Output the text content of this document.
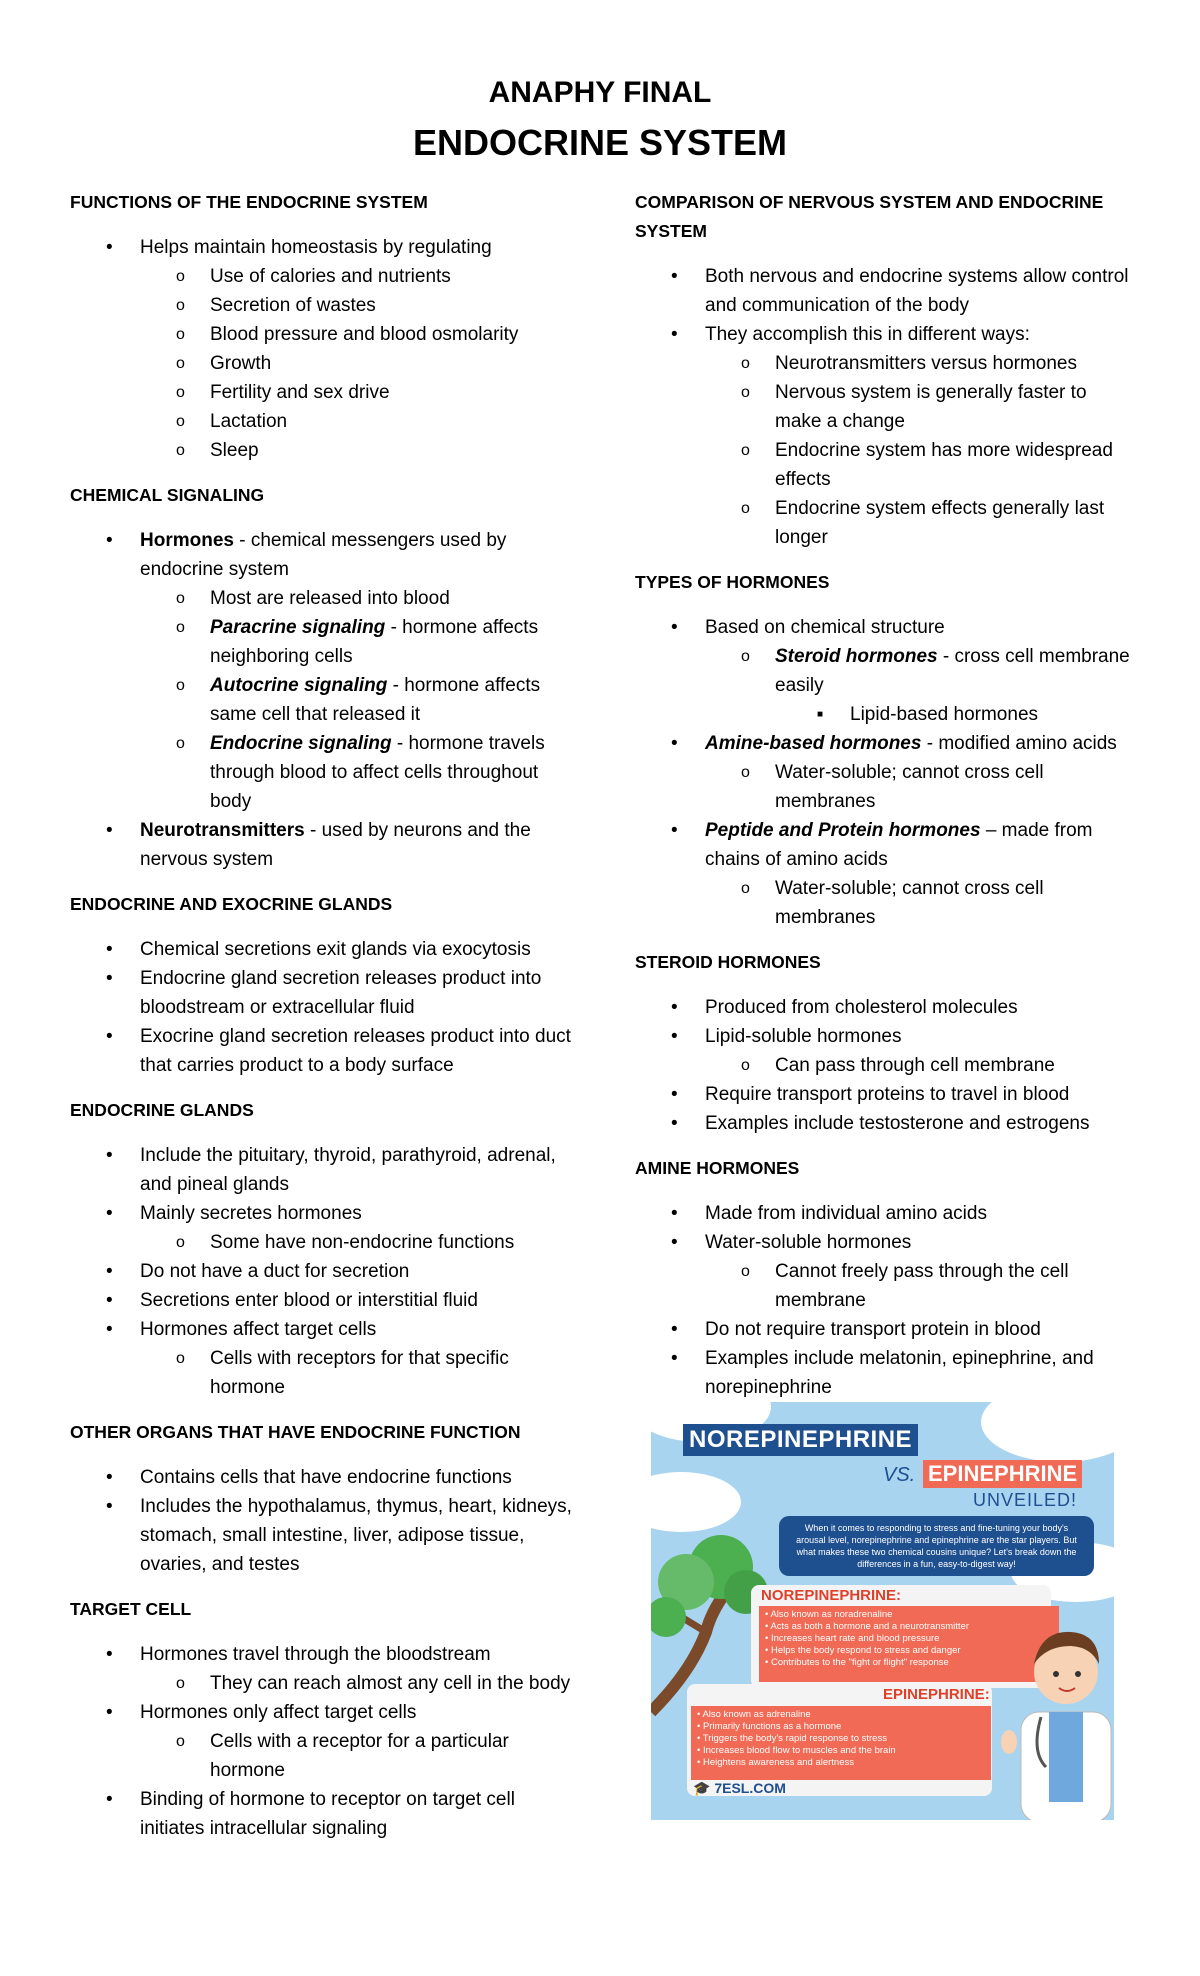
ANAPHY FINAL
ENDOCRINE SYSTEM
FUNCTIONS OF THE ENDOCRINE SYSTEM
• Helps maintain homeostasis by regulating
o Use of calories and nutrients
o Secretion of wastes
o Blood pressure and blood osmolarity
o Growth
o Fertility and sex drive
o Lactation
o Sleep
CHEMICAL SIGNALING
• Hormones - chemical messengers used by endocrine system
o Most are released into blood
o Paracrine signaling - hormone affects neighboring cells
o Autocrine signaling - hormone affects same cell that released it
o Endocrine signaling - hormone travels through blood to affect cells throughout body
• Neurotransmitters - used by neurons and the nervous system
ENDOCRINE AND EXOCRINE GLANDS
• Chemical secretions exit glands via exocytosis
• Endocrine gland secretion releases product into bloodstream or extracellular fluid
• Exocrine gland secretion releases product into duct that carries product to a body surface
ENDOCRINE GLANDS
• Include the pituitary, thyroid, parathyroid, adrenal, and pineal glands
• Mainly secretes hormones
o Some have non-endocrine functions
• Do not have a duct for secretion
• Secretions enter blood or interstitial fluid
• Hormones affect target cells
o Cells with receptors for that specific hormone
OTHER ORGANS THAT HAVE ENDOCRINE FUNCTION
• Contains cells that have endocrine functions
• Includes the hypothalamus, thymus, heart, kidneys, stomach, small intestine, liver, adipose tissue, ovaries, and testes
TARGET CELL
• Hormones travel through the bloodstream
o They can reach almost any cell in the body
• Hormones only affect target cells
o Cells with a receptor for a particular hormone
• Binding of hormone to receptor on target cell initiates intracellular signaling
COMPARISON OF NERVOUS SYSTEM AND ENDOCRINE SYSTEM
• Both nervous and endocrine systems allow control and communication of the body
• They accomplish this in different ways:
o Neurotransmitters versus hormones
o Nervous system is generally faster to make a change
o Endocrine system has more widespread effects
o Endocrine system effects generally last longer
TYPES OF HORMONES
• Based on chemical structure
o Steroid hormones - cross cell membrane easily
■ Lipid-based hormones
• Amine-based hormones - modified amino acids
o Water-soluble; cannot cross cell membranes
• Peptide and Protein hormones – made from chains of amino acids
o Water-soluble; cannot cross cell membranes
STEROID HORMONES
• Produced from cholesterol molecules
• Lipid-soluble hormones
o Can pass through cell membrane
• Require transport proteins to travel in blood
• Examples include testosterone and estrogens
AMINE HORMONES
• Made from individual amino acids
• Water-soluble hormones
o Cannot freely pass through the cell membrane
• Do not require transport protein in blood
• Examples include melatonin, epinephrine, and norepinephrine
NOREPINEPHRINE
VS. EPINEPHRINE
UNVEILED!
When it comes to responding to stress and fine-tuning your body's arousal level, norepinephrine and epinephrine are the star players. But what makes these two chemical cousins unique? Let's break down the differences in a fun, easy-to-digest way!
NOREPINEPHRINE:
• Also known as noradrenaline
• Acts as both a hormone and a neurotransmitter
• Increases heart rate and blood pressure
• Helps the body respond to stress and danger
• Contributes to the "fight or flight" response
EPINEPHRINE:
• Also known as adrenaline
• Primarily functions as a hormone
• Triggers the body's rapid response to stress
• Increases blood flow to muscles and the brain
• Heightens awareness and alertness
🎓 7ESL.COM
